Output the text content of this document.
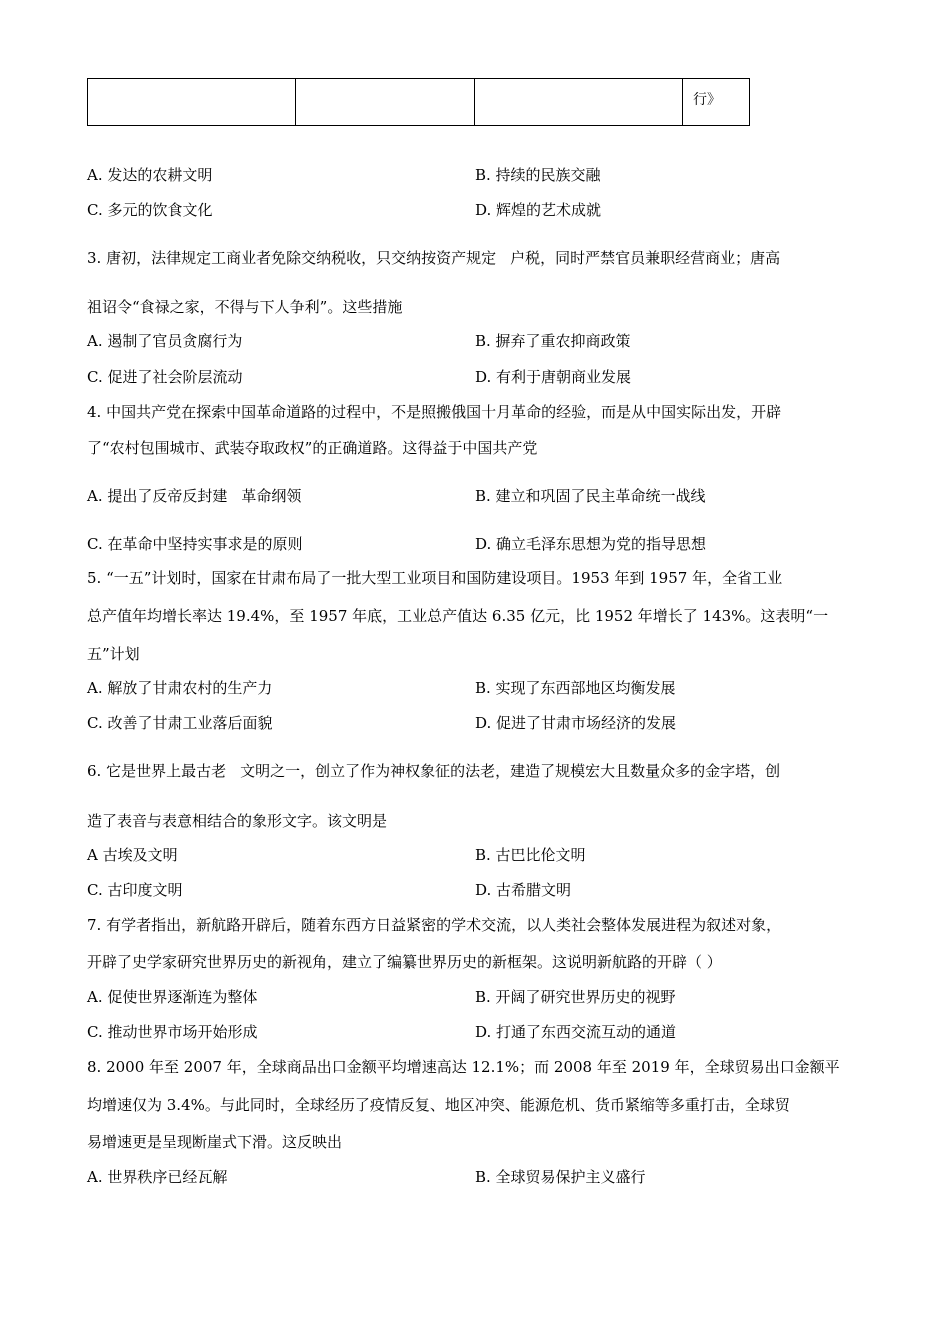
行》
A. 发达的农耕文明	B. 持续的民族交融
C. 多元的饮食文化	D. 辉煌的艺术成就
3. 唐初，法律规定工商业者免除交纳税收，只交纳按资产规定 户税，同时严禁官员兼职经营商业；唐高
祖诏令“食禄之家，不得与下人争利”。这些措施
A. 遏制了官员贪腐行为	B. 摒弃了重农抑商政策
C. 促进了社会阶层流动	D. 有利于唐朝商业发展
4. 中国共产党在探索中国革命道路的过程中，不是照搬俄国十月革命的经验，而是从中国实际出发，开辟
了“农村包围城市、武装夺取政权”的正确道路。这得益于中国共产党
A. 提出了反帝反封建 革命纲领	B. 建立和巩固了民主革命统一战线
C. 在革命中坚持实事求是的原则	D. 确立毛泽东思想为党的指导思想
5. “一五”计划时，国家在甘肃布局了一批大型工业项目和国防建设项目。1953 年到 1957 年，全省工业
总产值年均增长率达 19.4%，至 1957 年底，工业总产值达 6.35 亿元，比 1952 年增长了 143%。这表明“一
五”计划
A. 解放了甘肃农村的生产力	B. 实现了东西部地区均衡发展
C. 改善了甘肃工业落后面貌	D. 促进了甘肃市场经济的发展
6. 它是世界上最古老 文明之一，创立了作为神权象征的法老，建造了规模宏大且数量众多的金字塔，创
造了表音与表意相结合的象形文字。该文明是
A 古埃及文明	B. 古巴比伦文明
C. 古印度文明	D. 古希腊文明
7. 有学者指出，新航路开辟后，随着东西方日益紧密的学术交流，以人类社会整体发展进程为叙述对象，
开辟了史学家研究世界历史的新视角，建立了编纂世界历史的新框架。这说明新航路的开辟（ ）
A. 促使世界逐渐连为整体	B. 开阔了研究世界历史的视野
C. 推动世界市场开始形成	D. 打通了东西交流互动的通道
8. 2000 年至 2007 年，全球商品出口金额平均增速高达 12.1%；而 2008 年至 2019 年，全球贸易出口金额平
均增速仅为 3.4%。与此同时，全球经历了疫情反复、地区冲突、能源危机、货币紧缩等多重打击，全球贸
易增速更是呈现断崖式下滑。这反映出
A. 世界秩序已经瓦解	B. 全球贸易保护主义盛行
